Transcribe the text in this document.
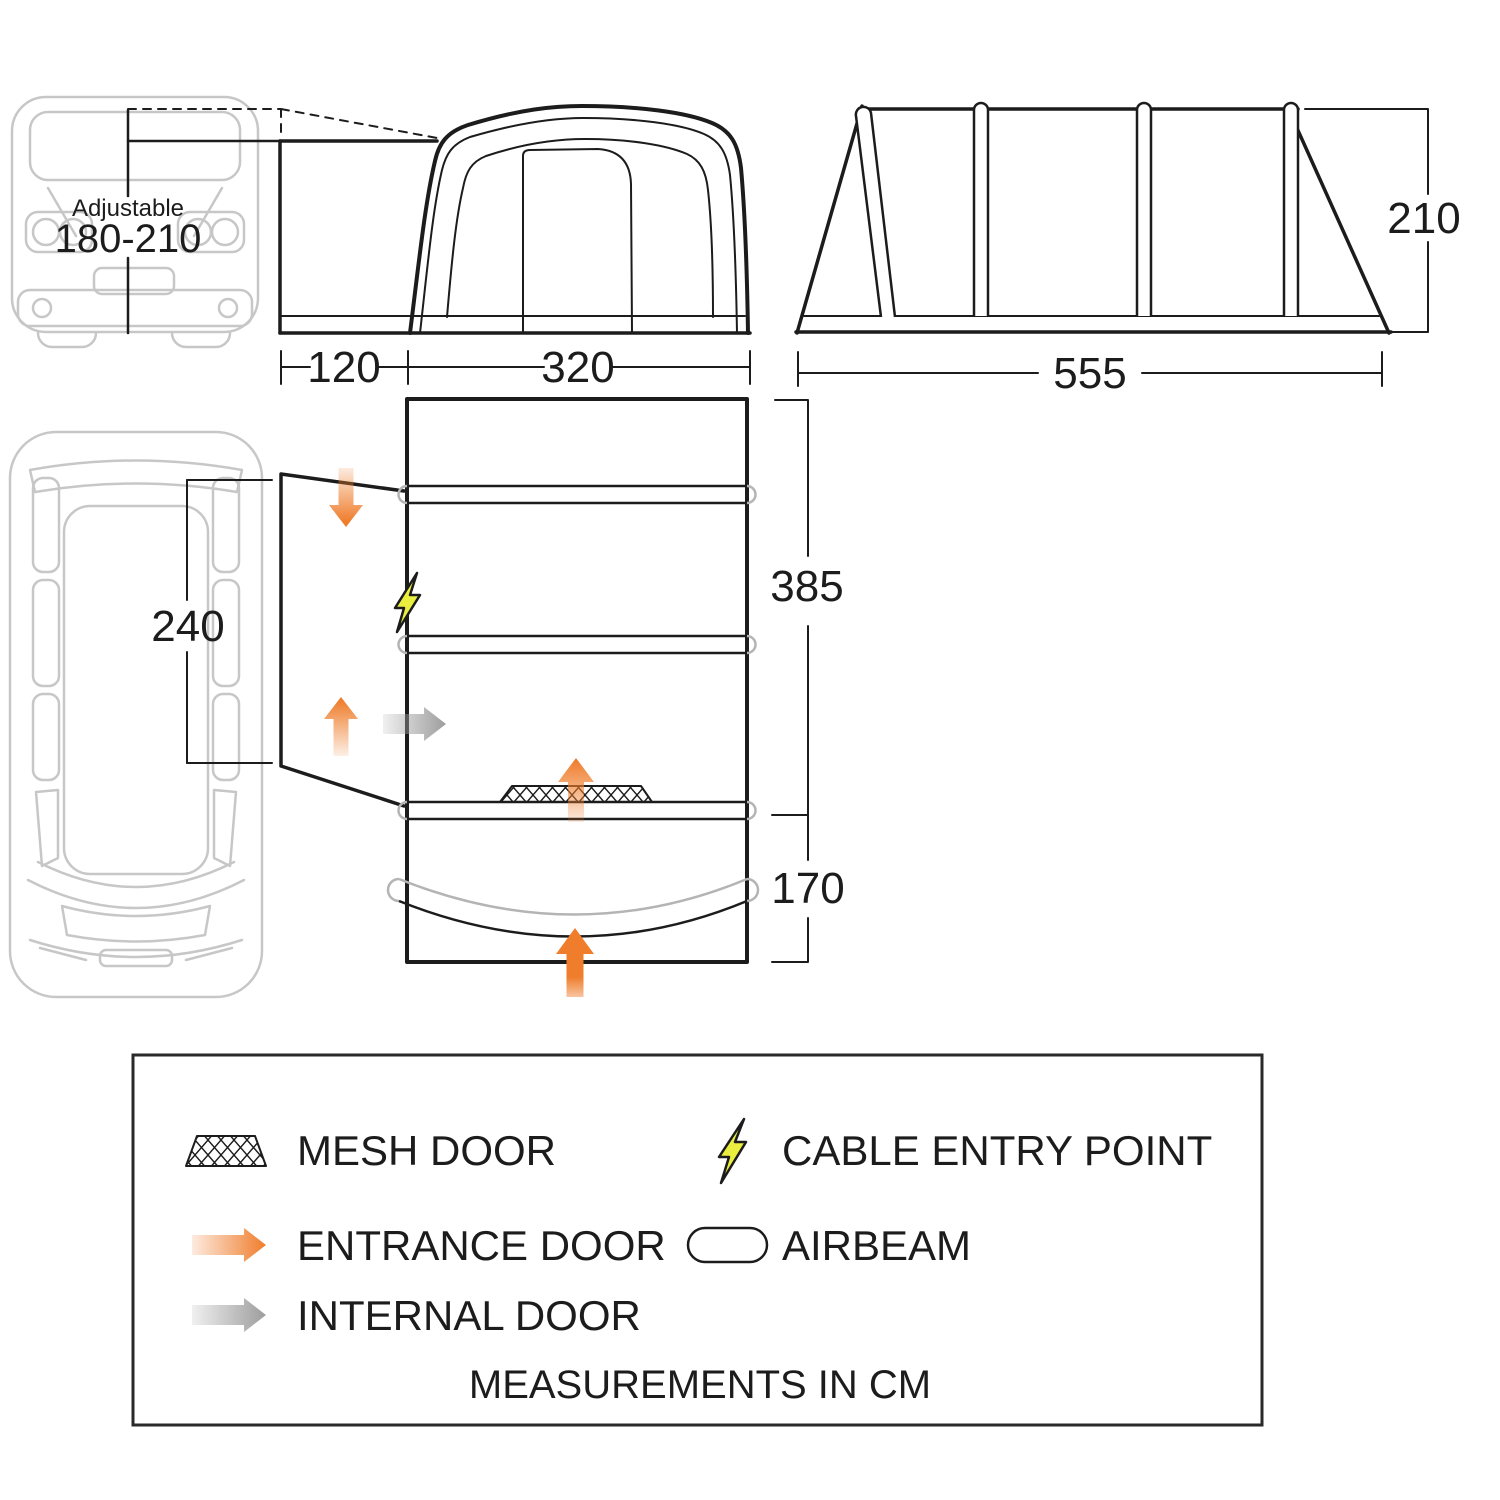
Adjustable
180-210
120	320
210
555
240
385
170
MESH DOOR	CABLE ENTRY POINT
ENTRANCE DOOR	AIRBEAM
INTERNAL DOOR
MEASUREMENTS IN CM
